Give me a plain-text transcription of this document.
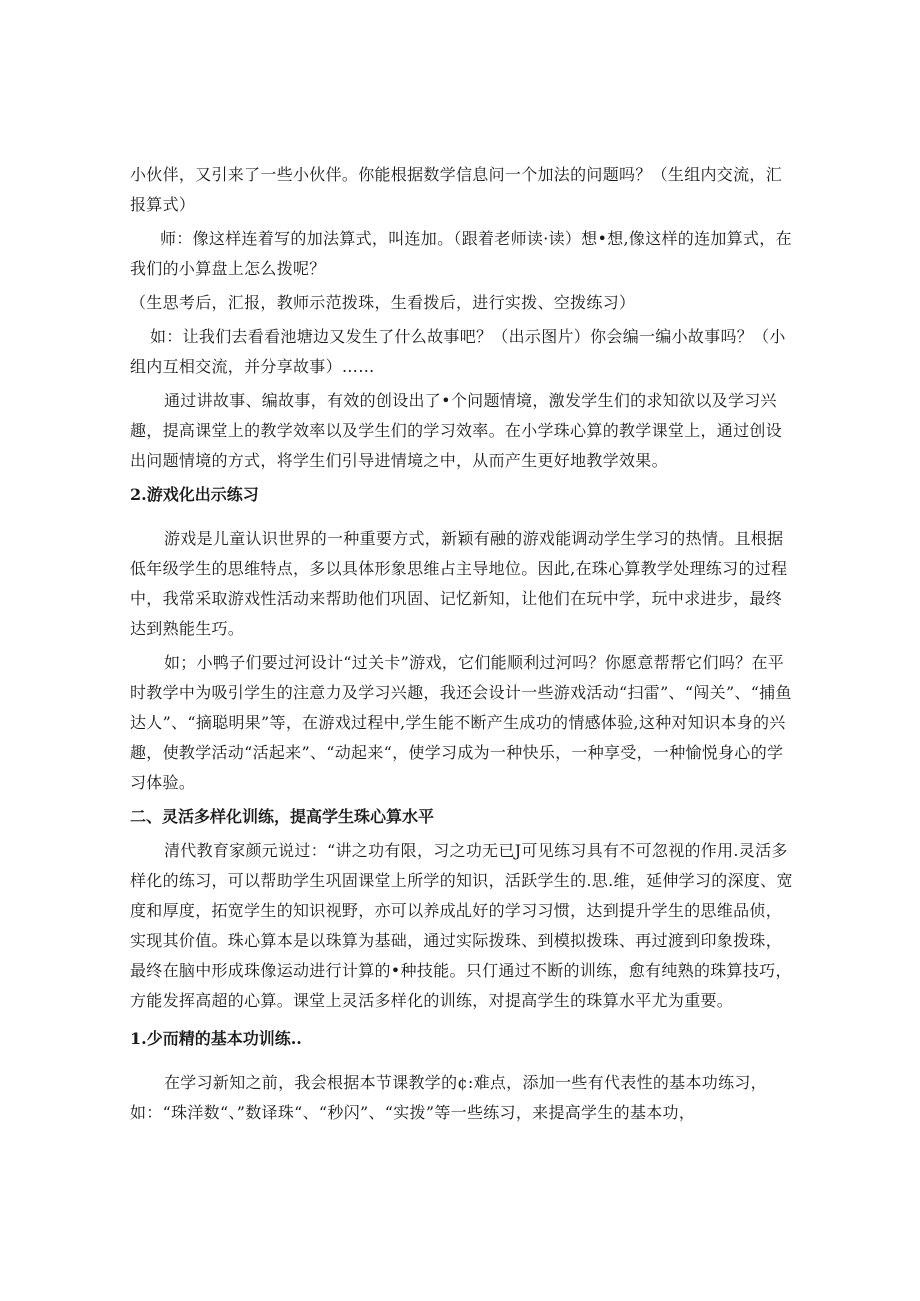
小伙伴，又引来了一些小伙伴。你能根据数学信息问一个加法的问题吗？（生组内交流，汇报算式）

师：像这样连着写的加法算式，叫连加。（跟着老师读·读）想•想,像这样的连加算式，在我们的小算盘上怎么拨呢？

（生思考后，汇报，教师示范拨珠，生看拨后，进行实拨、空拨练习）

如：让我们去看看池塘边又发生了什么故事吧？（出示图片）你会编一编小故事吗？（小组内互相交流，并分享故事）……

通过讲故事、编故事，有效的创设出了•个问题情境，激发学生们的求知欲以及学习兴趣，提高课堂上的教学效率以及学生们的学习效率。在小学珠心算的教学课堂上，通过创设出问题情境的方式，将学生们引导进情境之中，从而产生更好地教学效果。

2.游戏化出示练习

游戏是儿童认识世界的一种重要方式，新颖有融的游戏能调动学生学习的热情。且根据低年级学生的思维特点，多以具体形象思维占主导地位。因此,在珠心算教学处理练习的过程中，我常采取游戏性活动来帮助他们巩固、记忆新知，让他们在玩中学，玩中求进步，最终达到熟能生巧。

如；小鸭子们要过河设计“过关卡”游戏，它们能顺利过河吗？你愿意帮帮它们吗？在平时教学中为吸引学生的注意力及学习兴趣，我还会设计一些游戏活动“扫雷”、“闯关”、“捕鱼达人”、“摘聪明果”等，在游戏过程中,学生能不断产生成功的情感体验,这种对知识本身的兴趣，使教学活动“活起来”、“动起来“，使学习成为一种快乐，一种享受，一种愉悦身心的学习体验。

二、灵活多样化训练，提高学生珠心算水平

清代教育家颜元说过：“讲之功有限，习之功无已J可见练习具有不可忽视的作用.灵活多样化的练习，可以帮助学生巩固课堂上所学的知识，活跃学生的.思.维，延伸学习的深度、宽度和厚度，拓宽学生的知识视野，亦可以养成乩好的学习习惯，达到提升学生的思维品侦，实现其价值。珠心算本是以珠算为基础，通过实际拨珠、到模拟拨珠、再过渡到印象拨珠，最终在脑中形成珠像运动进行计算的•种技能。只仃通过不断的训练，愈有纯熟的珠算技巧，方能发挥高超的心算。课堂上灵活多样化的训练，对提高学生的珠算水平尤为重要。

1.少而精的基本功训练..

在学习新知之前，我会根据本节课教学的¢:难点，添加一些有代表性的基本功练习，如：“珠洋数“、”数译珠“、“秒闪”、“实拨”等一些练习，来提高学生的基本功，
